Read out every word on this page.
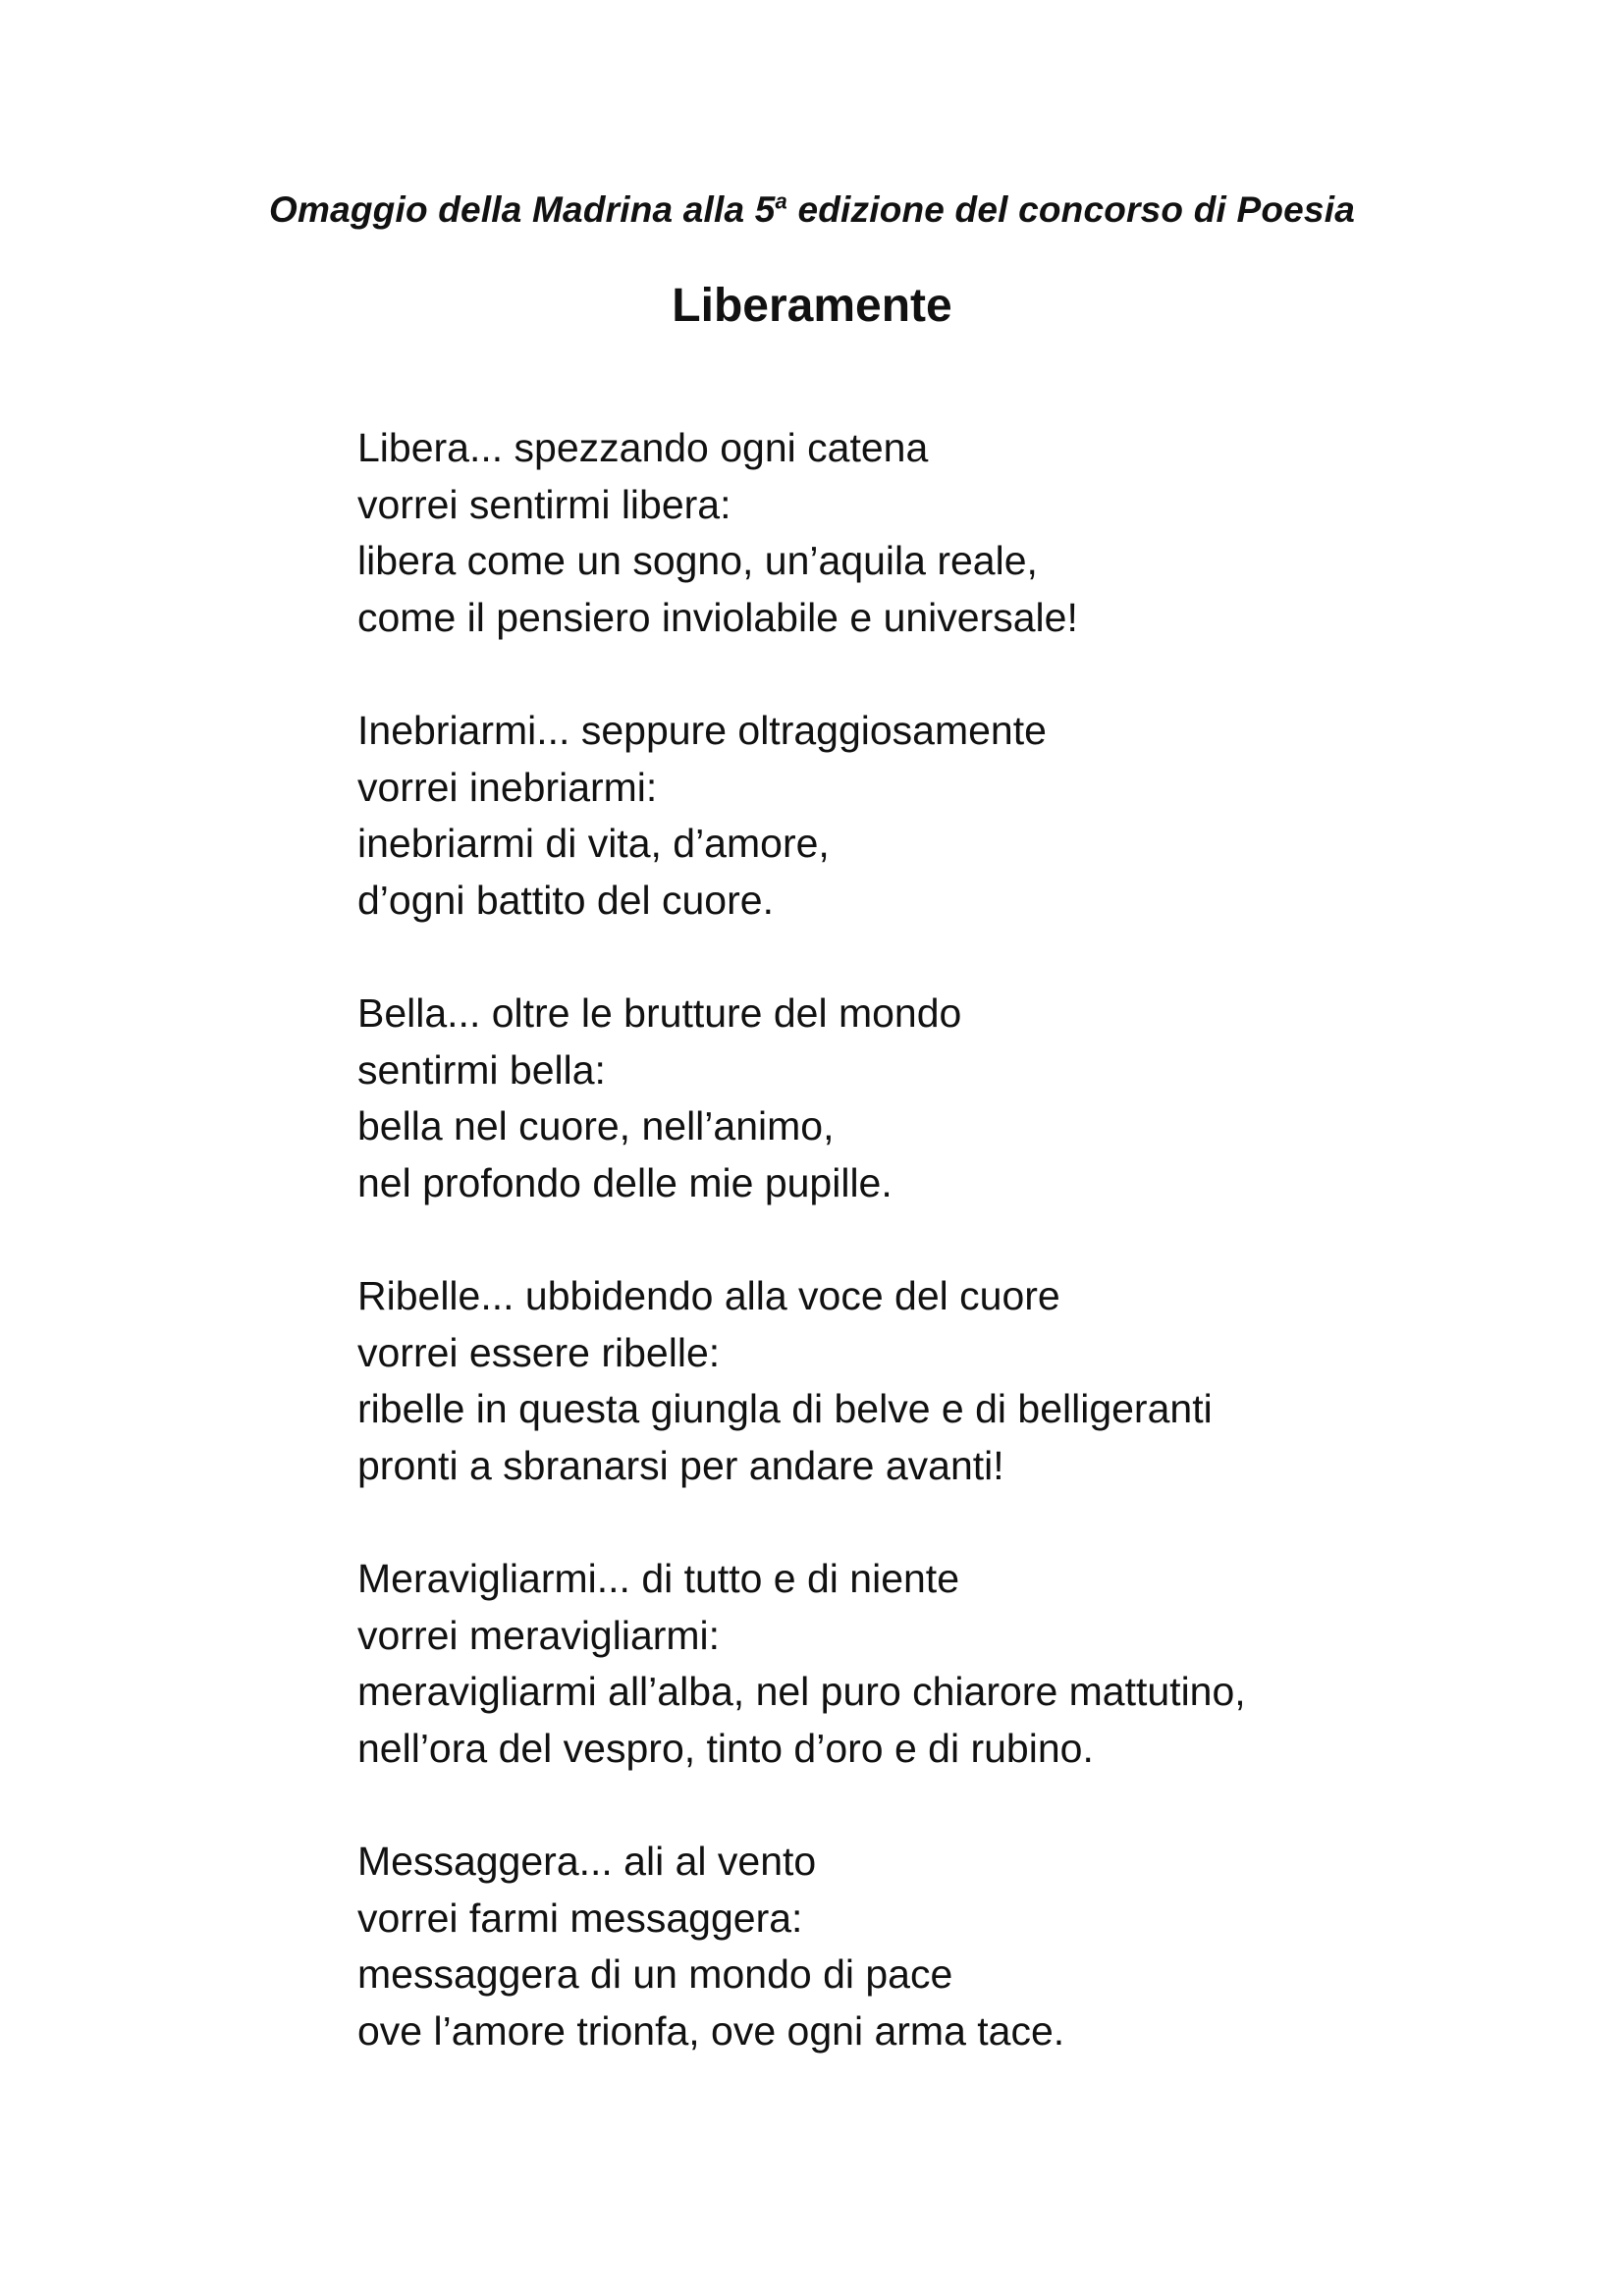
Omaggio della Madrina alla 5$^a$ edizione del concorso di Poesia
Liberamente
Libera... spezzando ogni catena
vorrei sentirmi libera:
libera come un sogno, un’aquila reale,
come il pensiero inviolabile e universale!
Inebriarmi... seppure oltraggiosamente
vorrei inebriarmi:
inebriarmi di vita, d’amore,
d’ogni battito del cuore.
Bella... oltre le brutture del mondo
sentirmi bella:
bella nel cuore, nell’animo,
nel profondo delle mie pupille.
Ribelle... ubbidendo alla voce del cuore
vorrei essere ribelle:
ribelle in questa giungla di belve e di belligeranti
pronti a sbranarsi per andare avanti!
Meravigliarmi... di tutto e di niente
vorrei meravigliarmi:
meravigliarmi all’alba, nel puro chiarore mattutino,
nell’ora del vespro, tinto d’oro e di rubino.
Messaggera... ali al vento
vorrei farmi messaggera:
messaggera di un mondo di pace
ove l’amore trionfa, ove ogni arma tace.
